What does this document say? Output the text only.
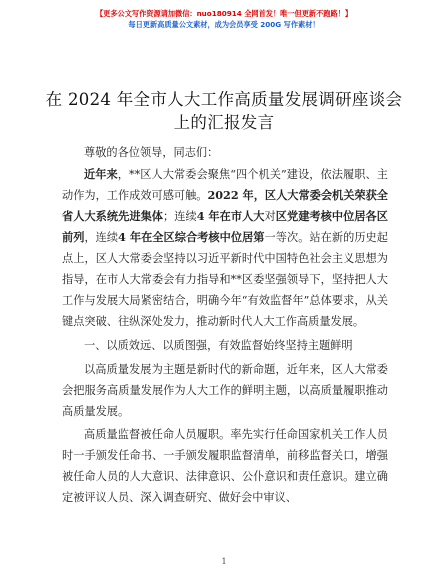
【更多公文写作资源请加微信：nuo180914 全网首发！唯一但更新不跑路！】
每日更新高质量公文素材，成为会员享受 200G 写作素材！
在 2024 年全市人大工作高质量发展调研座谈会
上的汇报发言

尊敬的各位领导，同志们：

近年来，**区人大常委会聚焦“四个机关”建设，依法履职、主动作为，工作成效可感可触。2022 年，区人大常委会机关荣获全省人大系统先进集体；连续4 年在市人大对区党建考核中位居各区前列，连续4 年在全区综合考核中位居第一等次。站在新的历史起点上，区人大常委会坚持以习近平新时代中国特色社会主义思想为指导，在市人大常委会有力指导和**区委坚强领导下，坚持把人大工作与发展大局紧密结合，明确今年“有效监督年”总体要求，从关键点突破、往纵深处发力，推动新时代人大工作高质量发展。

一、以质效远、以质图强，有效监督始终坚持主题鲜明

以高质量发展为主题是新时代的新命题，近年来，区人大常委会把服务高质量发展作为人大工作的鲜明主题，以高质量履职推动高质量发展。

高质量监督被任命人员履职。率先实行任命国家机关工作人员时一手颁发任命书、一手颁发履职监督清单，前移监督关口，增强被任命人员的人大意识、法律意识、公仆意识和责任意识。建立确定被评议人员、深入调查研究、做好会中审议、

1
